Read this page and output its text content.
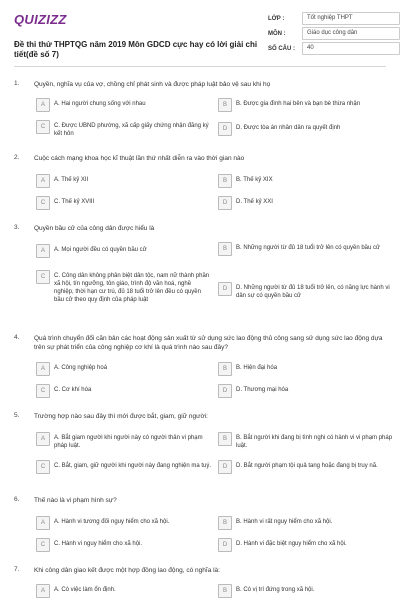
QUIZIZZ
Đề thi thử THPTQG năm 2019 Môn GDCD cực hay có lời giải chi tiết(đề số 7)
LỚP :	Tốt nghiệp THPT
MÔN :	Giáo dục công dân
SỐ CÂU :	40
1.	Quyền, nghĩa vụ của vợ, chồng chỉ phát sinh và được pháp luật bảo vệ sau khi họ
A	A. Hai người chung sống với nhau	B	B. Được gia đình hai bên và bạn bè thừa nhận
C	C. Được UBND phường, xã cấp giấy chứng nhận đăng ký kết hôn
D	D. Được tòa án nhân dân ra quyết định
2.	Cuộc cách mạng khoa học kĩ thuật lần thứ nhất diễn ra vào thời gian nào
A	A. Thế kỷ XII	B	B. Thế kỷ XIX
C	C. Thế kỷ XVIII	D	D. Thế kỷ XXI
3.	Quyền bầu cử của công dân được hiểu là
A	A. Mọi người đều có quyền bầu cử	B	B. Những người từ đủ 18 tuổi trở lên có quyền bầu cử
C	C. Công dân không phân biệt dân tộc, nam nữ thành phần xã hội, tín ngưỡng, tôn giáo, trình độ văn hoá, nghề nghiệp, thời hạn cư trú, đủ 18 tuổi trở lên đều có quyền bầu cử theo quy định của pháp luật
D	D. Những người từ đủ 18 tuổi trở lên, có năng lực hành vi dân sự có quyền bầu cử
4.	Quá trình chuyển đổi căn bản các hoạt động sản xuất từ sử dụng sức lao động thủ công sang sử dụng sức lao động dựa trên sự phát triển của công nghiệp cơ khí là quá trình nào sau đây?
A	A. Công nghiệp hoá	B	B. Hiện đại hóa
C	C. Cơ khí hóa	D	D. Thương mại hóa
5.	Trường hợp nào sau đây thì mới được bắt, giam, giữ người:
A	A. Bắt giam người khi người này có người thân vi phạm pháp luật.
B	B. Bắt người khi đang bị tình nghi có hành vi vi phạm pháp luật.
C	C. Bắt, giam, giữ người khi người này đang nghiện ma tuý.	D	D. Bắt người phạm tội quả tang hoặc đang bị truy nã.
6.	Thế nào là vi phạm hình sự?
A	A. Hành vi tương đối nguy hiểm cho xã hội.	B	B. Hành vi rất nguy hiểm cho xã hội.
C	C. Hành vi nguy hiểm cho xã hội.	D	D. Hành vi đặc biệt nguy hiểm cho xã hội.
7.	Khi công dân giao kết được một hợp đồng lao động, có nghĩa là:
A	A. Có việc làm ổn định.	B	B. Có vị trí đứng trong xã hội.
